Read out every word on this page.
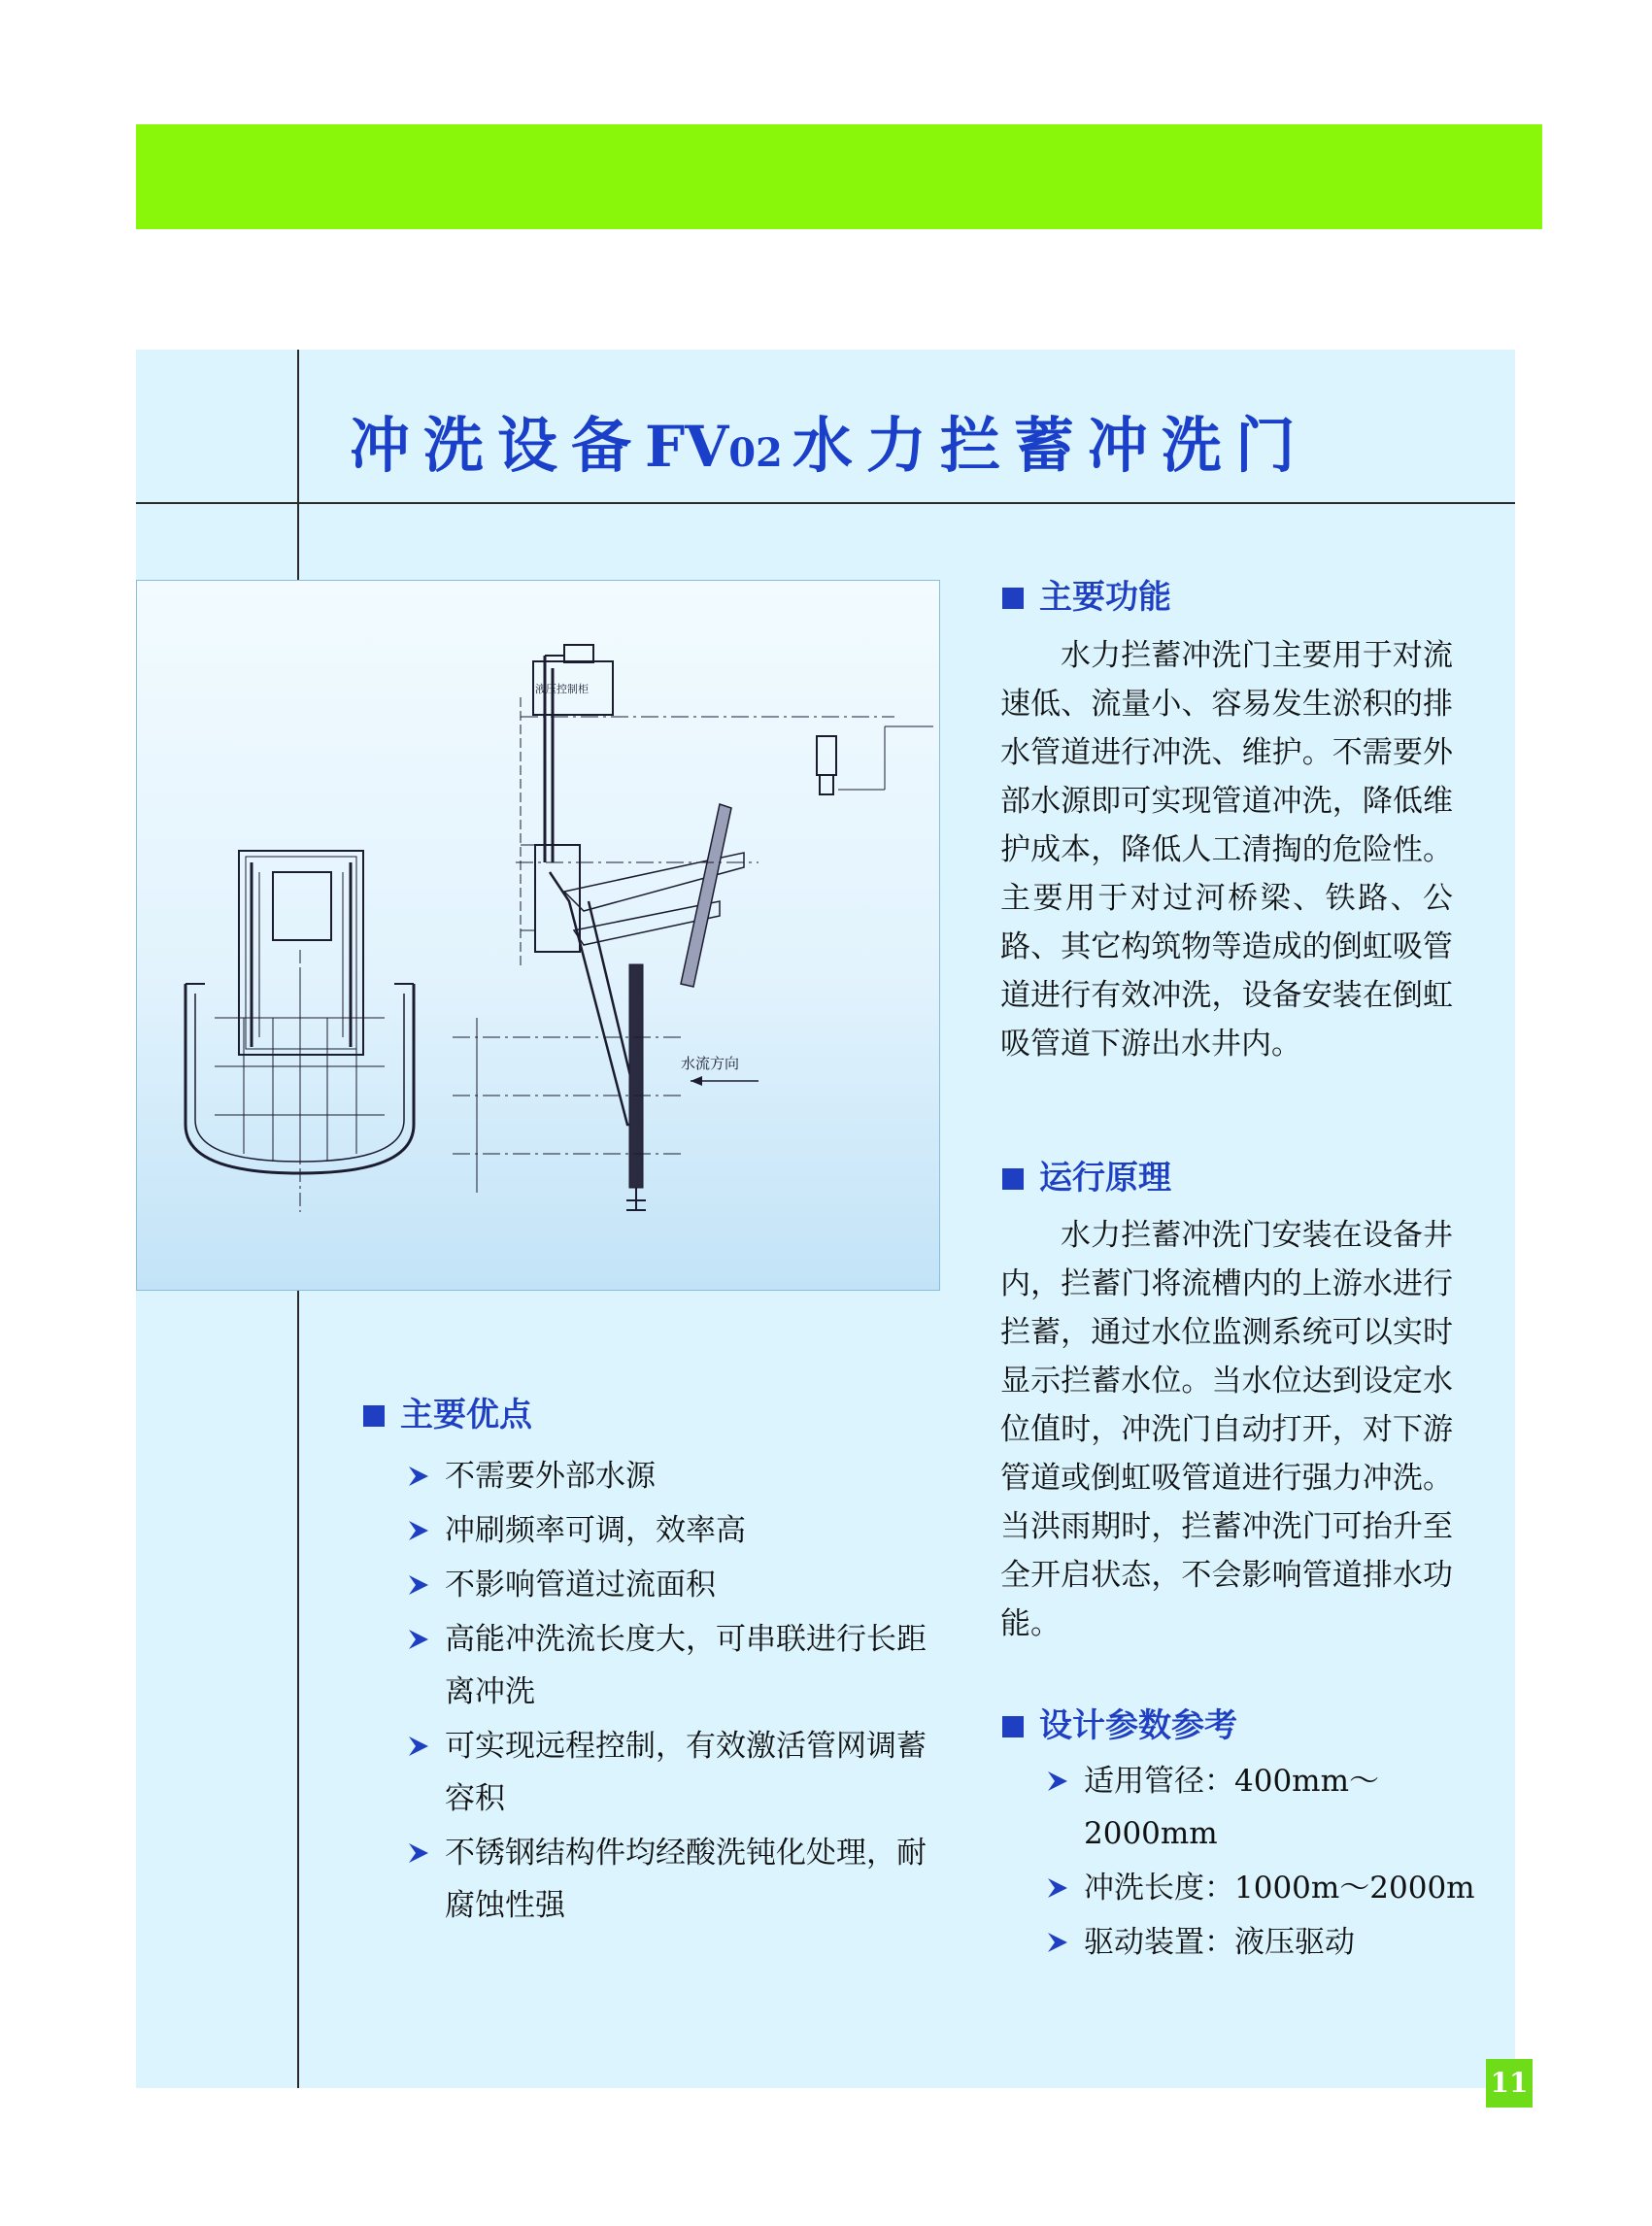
冲洗设备FV02 水力拦蓄冲洗门
液压控制柜
水流方向
主要功能

水力拦蓄冲洗门主要用于对流速低、流量小、容易发生淤积的排水管道进行冲洗、维护。不需要外部水源即可实现管道冲洗，降低维护成本，降低人工清掏的危险性。主要用于对过河桥梁、铁路、公路、其它构筑物等造成的倒虹吸管道进行有效冲洗，设备安装在倒虹吸管道下游出水井内。

运行原理

水力拦蓄冲洗门安装在设备井内，拦蓄门将流槽内的上游水进行拦蓄，通过水位监测系统可以实时显示拦蓄水位。当水位达到设定水位值时，冲洗门自动打开，对下游管道或倒虹吸管道进行强力冲洗。当洪雨期时，拦蓄冲洗门可抬升至全开启状态，不会影响管道排水功能。

主要优点
不需要外部水源
冲刷频率可调，效率高
不影响管道过流面积
高能冲洗流长度大，可串联进行长距离冲洗
可实现远程控制，有效激活管网调蓄容积
不锈钢结构件均经酸洗钝化处理，耐腐蚀性强
设计参数参考
适用管径：400mm～2000mm
冲洗长度：1000m～2000m
驱动装置：液压驱动
11
